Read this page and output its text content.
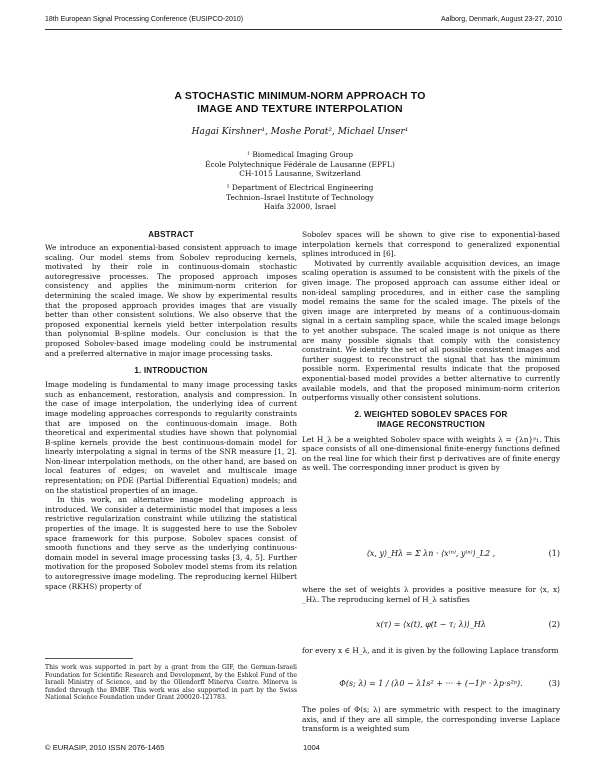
18th European Signal Processing Conference (EUSIPCO-2010)	Aalborg, Denmark, August 23-27, 2010
A STOCHASTIC MINIMUM-NORM APPROACH TO
IMAGE AND TEXTURE INTERPOLATION
Hagai Kirshner¹, Moshe Porat², Michael Unser¹
¹ Biomedical Imaging Group
École Polytechnique Fédérale de Lausanne (EPFL)
CH-1015 Lausanne, Switzerland
² Department of Electrical Engineering
Technion–Israel Institute of Technology
Haifa 32000, Israel
ABSTRACT

We introduce an exponential-based consistent approach to image scaling. Our model stems from Sobolev reproducing kernels, motivated by their role in continuous-domain stochastic autoregressive processes. The proposed approach imposes consistency and applies the minimum-norm criterion for determining the scaled image. We show by experimental results that the proposed approach provides images that are visually better than other consistent solutions. We also observe that the proposed exponential kernels yield better interpolation results than polynomial B-spline models. Our conclusion is that the proposed Sobolev-based image modeling could be instrumental and a preferred alternative in major image processing tasks.

1. INTRODUCTION

Image modeling is fundamental to many image processing tasks such as enhancement, restoration, analysis and compression. In the case of image interpolation, the underlying idea of current image modeling approaches corresponds to regularity constraints that are imposed on the continuous-domain image. Both theoretical and experimental studies have shown that polynomial B-spline kernels provide the best continuous-domain model for linearly interpolating a signal in terms of the SNR measure [1, 2]. Non-linear interpolation methods, on the other hand, are based on local features of edges; on wavelet and multiscale image representation; on PDE (Partial Differential Equation) models; and on the statistical properties of an image.

In this work, an alternative image modeling approach is introduced. We consider a deterministic model that imposes a less restrictive regularization constraint while utilizing the statistical properties of the image. It is suggested here to use the Sobolev space framework for this purpose. Sobolev spaces consist of smooth functions and they serve as the underlying continuous-domain model in several image processing tasks [3, 4, 5]. Further motivation for the proposed Sobolev model stems from its relation to autoregressive image modeling. The reproducing kernel Hilbert space (RKHS) property of

This work was supported in part by a grant from the GIF, the German-Israeli Foundation for Scientific Research and Development, by the Eshkol Fund of the Israeli Ministry of Science, and by the Ollendorff Minerva Centre. Minerva is funded through the BMBF. This work was also supported in part by the Swiss National Science Foundation under Grant 200020-121783.

Sobolev spaces will be shown to give rise to exponential-based interpolation kernels that correspond to generalized exponential splines introduced in [6].

Motivated by currently available acquisition devices, an image scaling operation is assumed to be consistent with the pixels of the given image. The proposed approach can assume either ideal or non-ideal sampling procedures, and in either case the sampling model remains the same for the scaled image. The pixels of the given image are interpreted by means of a continuous-domain signal in a certain sampling space, while the scaled image belongs to yet another subspace. The scaled image is not unique as there are many possible signals that comply with the consistency constraint. We identify the set of all possible consistent images and further suggest to reconstruct the signal that has the minimum possible norm. Experimental results indicate that the proposed exponential-based model provides a better alternative to currently available models, and that the proposed minimum-norm criterion outperforms visually other consistent solutions.

2. WEIGHTED SOBOLEV SPACES FOR
IMAGE RECONSTRUCTION

Let H_λ be a weighted Sobolev space with weights λ = {λn}ᵖ₁. This space consists of all one-dimensional finite-energy functions defined on the real line for which their first p derivatives are of finite energy as well. The corresponding inner product is given by

⟨x, y⟩_Hλ = Σ λn · ⟨x⁽ⁿ⁾, y⁽ⁿ⁾⟩_L2 ,	(1)

where the set of weights λ provides a positive measure for ⟨x, x⟩_Hλ. The reproducing kernel of H_λ satisfies

x(τ) = ⟨x(t), φ(t − τ; λ)⟩_Hλ	(2)

for every x ∈ H_λ, and it is given by the following Laplace transform

Φ(s; λ) = 1 / (λ0 − λ1s² + ··· + (−1)ᵖ · λp·s²ᵖ).	(3)

The poles of Φ(s; λ) are symmetric with respect to the imaginary axis, and if they are all simple, the corresponding inverse Laplace transform is a weighted sum

© EURASIP, 2010 ISSN 2076-1465	1004
